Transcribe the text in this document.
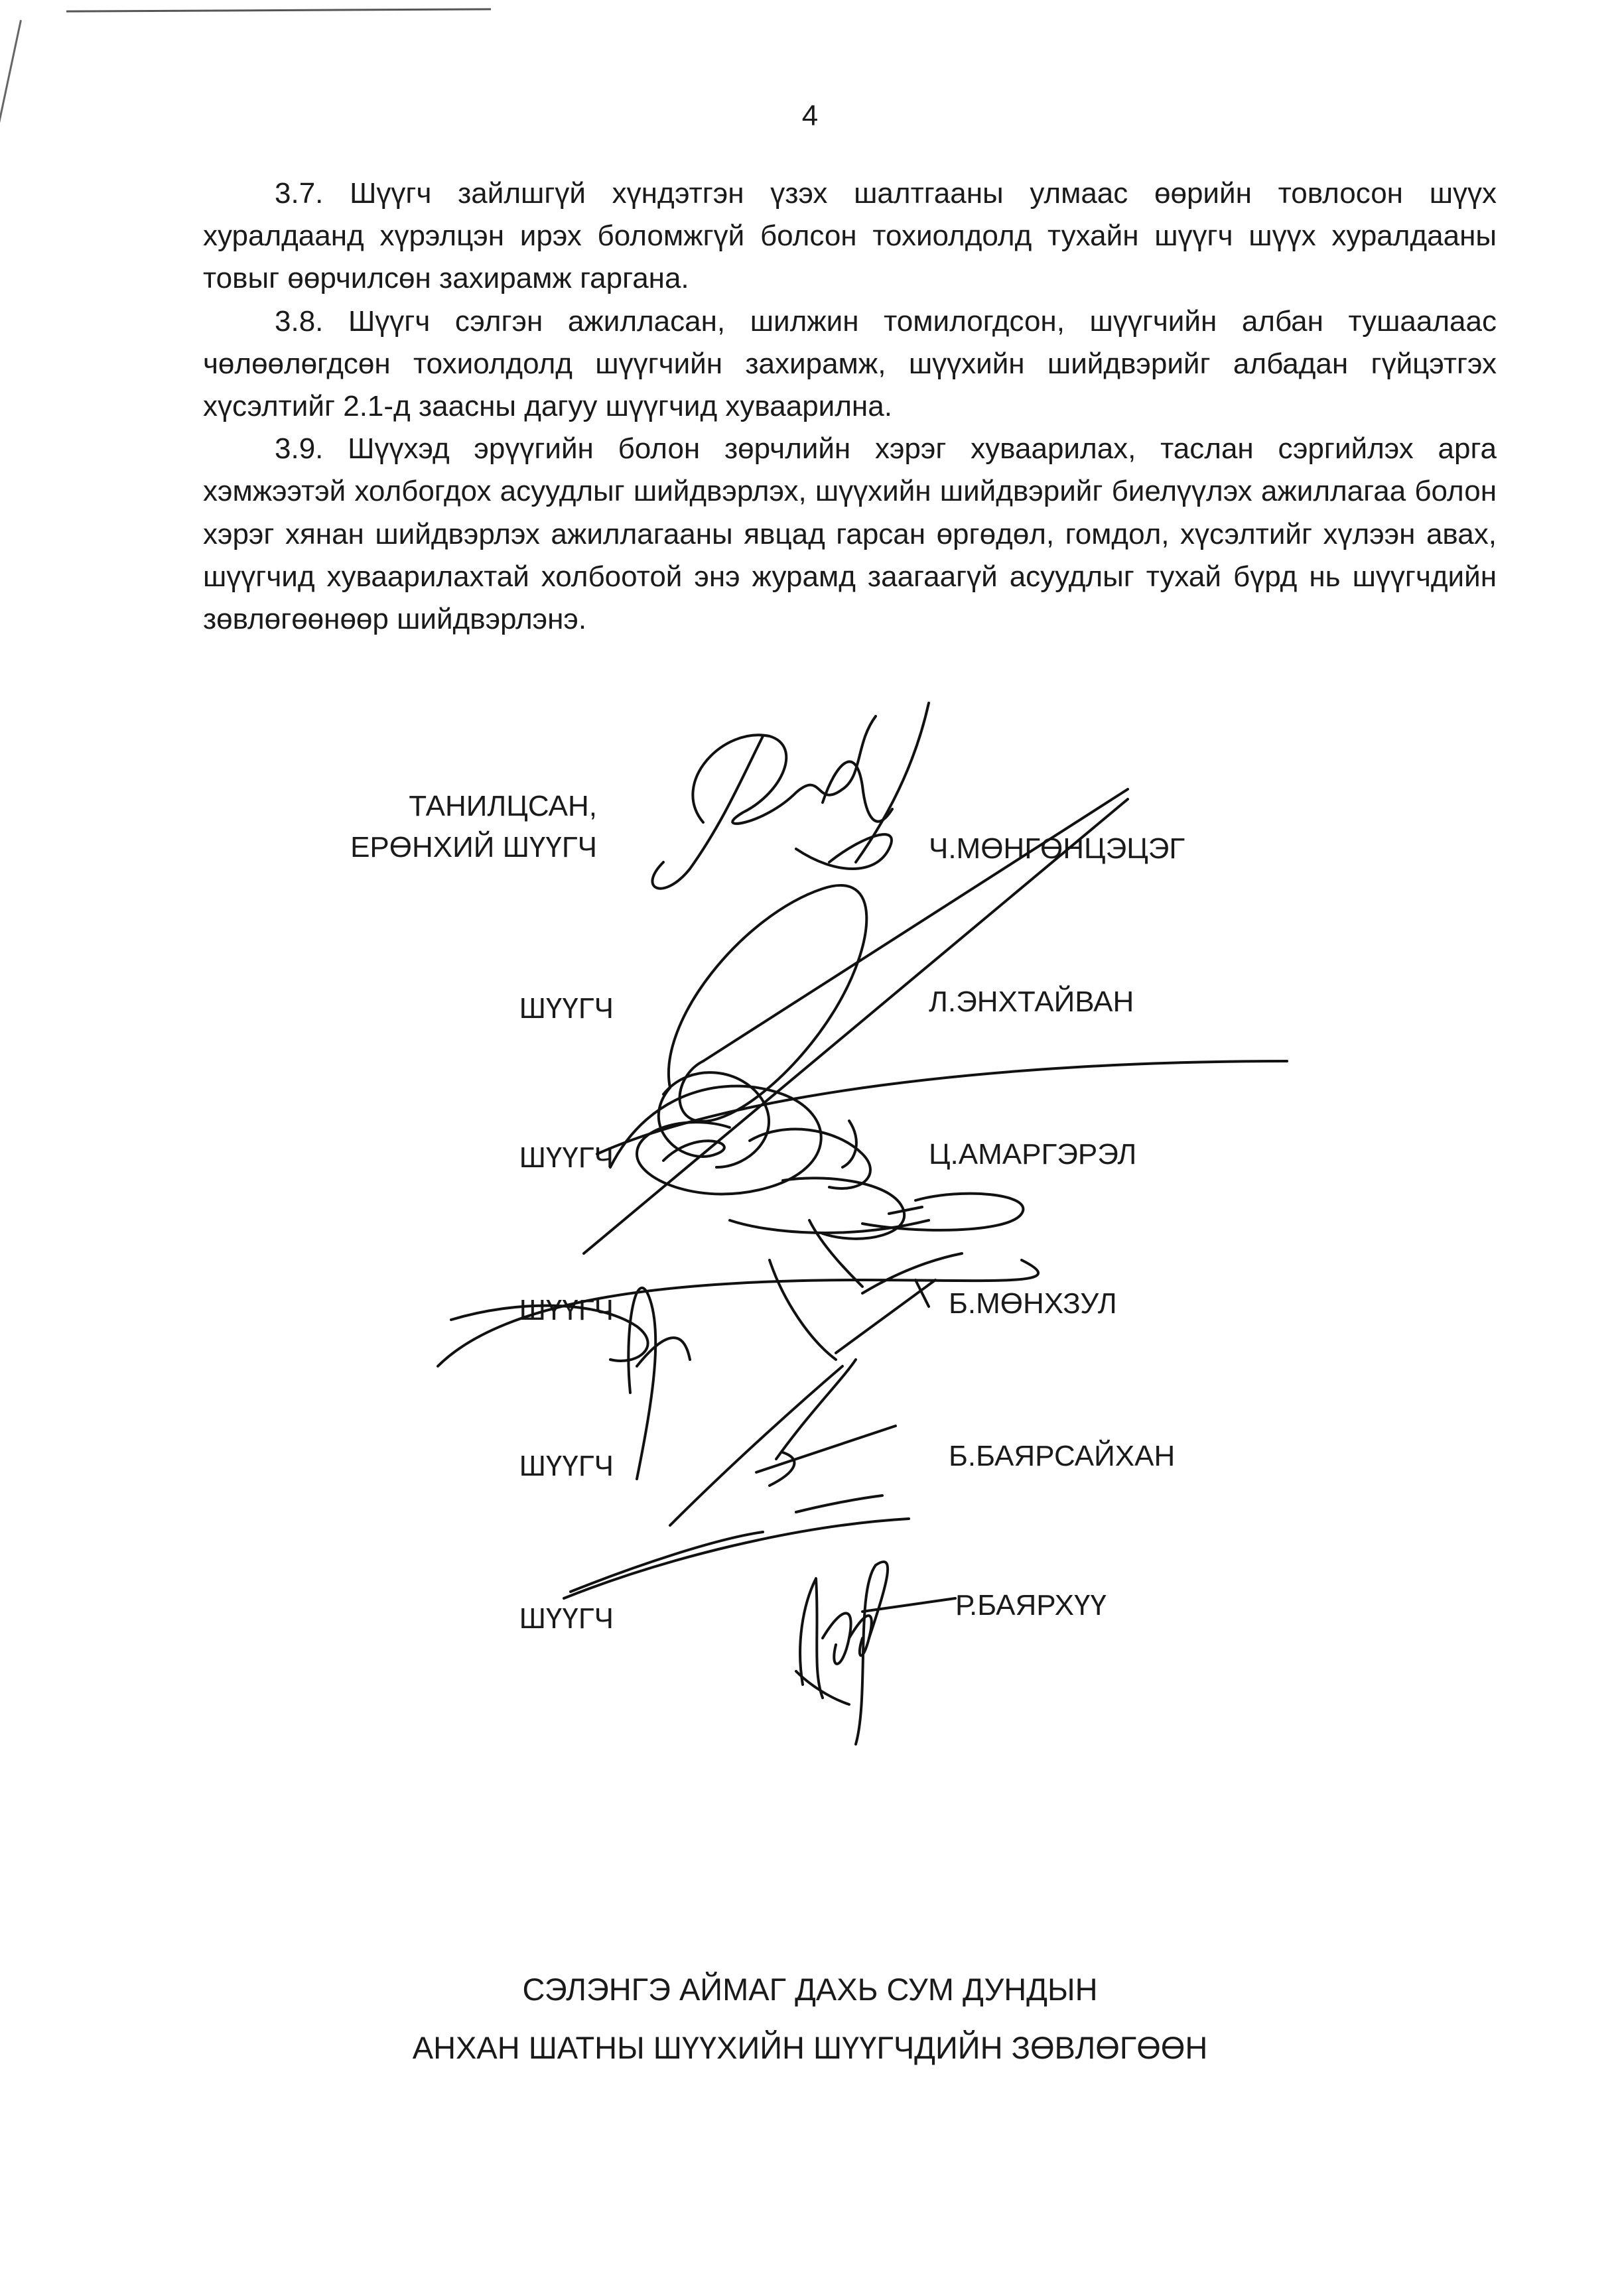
4

3.7. Шүүгч зайлшгүй хүндэтгэн үзэх шалтгааны улмаас өөрийн товлосон шүүх хуралдаанд хүрэлцэн ирэх боломжгүй болсон тохиолдолд тухайн шүүгч шүүх хуралдааны товыг өөрчилсөн захирамж гаргана.

3.8. Шүүгч сэлгэн ажилласан, шилжин томилогдсон, шүүгчийн албан тушаалаас чөлөөлөгдсөн тохиолдолд шүүгчийн захирамж, шүүхийн шийдвэрийг албадан гүйцэтгэх хүсэлтийг 2.1-д заасны дагуу шүүгчид хуваарилна.

3.9. Шүүхэд эрүүгийн болон зөрчлийн хэрэг хуваарилах, таслан сэргийлэх арга хэмжээтэй холбогдох асуудлыг шийдвэрлэх, шүүхийн шийдвэрийг биелүүлэх ажиллагаа болон хэрэг хянан шийдвэрлэх ажиллагааны явцад гарсан өргөдөл, гомдол, хүсэлтийг хүлээн авах, шүүгчид хуваарилахтай холбоотой энэ журамд заагаагүй асуудлыг тухай бүрд нь шүүгчдийн зөвлөгөөнөөр шийдвэрлэнэ.

ТАНИЛЦСАН,
ЕРӨНХИЙ ШҮҮГЧ	Ч.МӨНГӨНЦЭЦЭГ
ШҮҮГЧ	Л.ЭНХТАЙВАН
ШҮҮГЧ	Ц.АМАРГЭРЭЛ
ШҮҮГЧ	Б.МӨНХЗУЛ
ШҮҮГЧ	Б.БАЯРСАЙХАН
ШҮҮГЧ	Р.БАЯРХҮҮ
СЭЛЭНГЭ АЙМАГ ДАХЬ СУМ ДУНДЫН
АНХАН ШАТНЫ ШҮҮХИЙН ШҮҮГЧДИЙН ЗӨВЛӨГӨӨН
